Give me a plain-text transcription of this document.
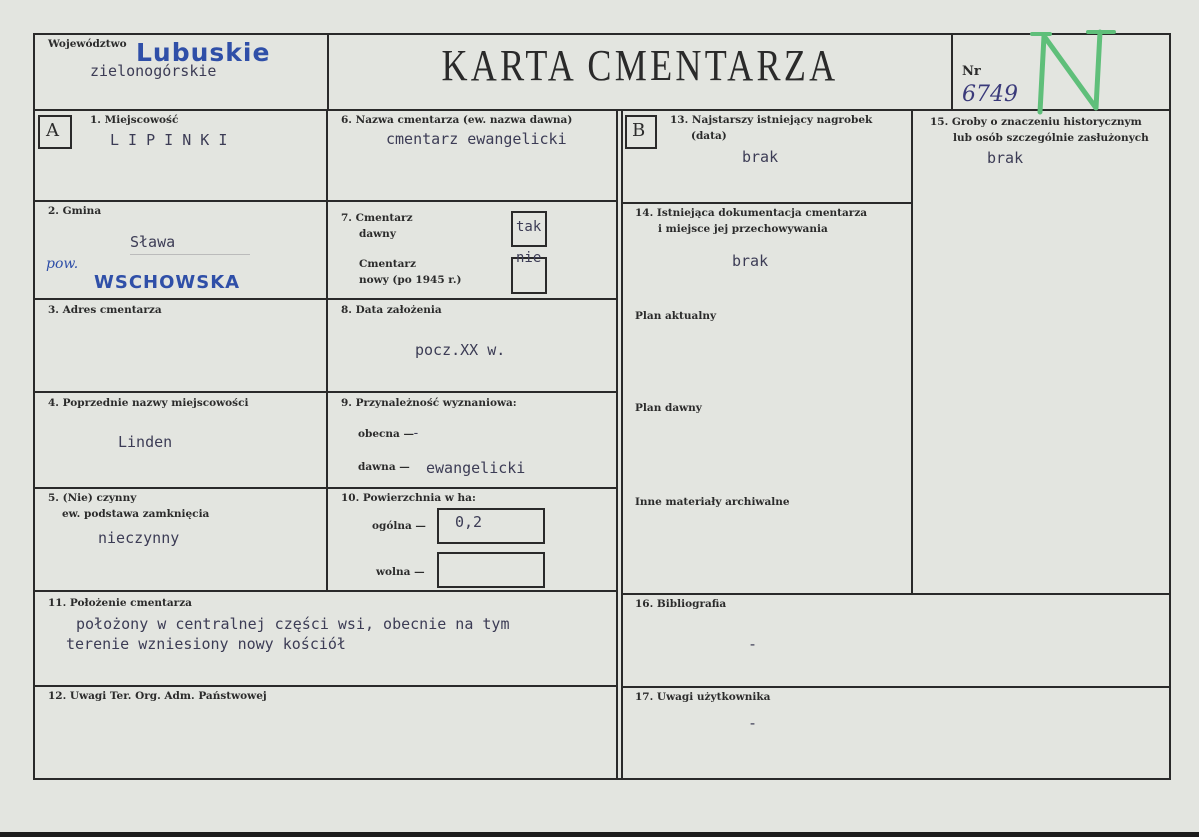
Województwo Lubuskie
zielonogórskie	KARTA CMENTARZA	Nr
6749
A	B
1. Miejscowość
L I P I N K I
2. Gmina
Sława
pow.
WSCHOWSKA
3. Adres cmentarza
4. Poprzednie nazwy miejscowości
Linden
5. (Nie) czynny
ew. podstawa zamknięcia
nieczynny
6. Nazwa cmentarza (ew. nazwa dawna)
cmentarz ewangelicki
7. Cmentarz
dawny
Cmentarz
nowy (po 1945 r.)
tak
nie
8. Data założenia
pocz.XX w.
9. Przynależność wyznaniowa:
obecna —
-
dawna — ewangelicki
10. Powierzchnia w ha:
ogólna — 0,2
wolna —
11. Położenie cmentarza
położony w centralnej części wsi, obecnie na tym
terenie wzniesiony nowy kościół
12. Uwagi Ter. Org. Adm. Państwowej
13. Najstarszy istniejący nagrobek
(data)
brak
14. Istniejąca dokumentacja cmentarza
i miejsce jej przechowywania
brak
Plan aktualny
Plan dawny
Inne materiały archiwalne
15. Groby o znaczeniu historycznym
lub osób szczególnie zasłużonych
brak
16. Bibliografia
-
17. Uwagi użytkownika
-
